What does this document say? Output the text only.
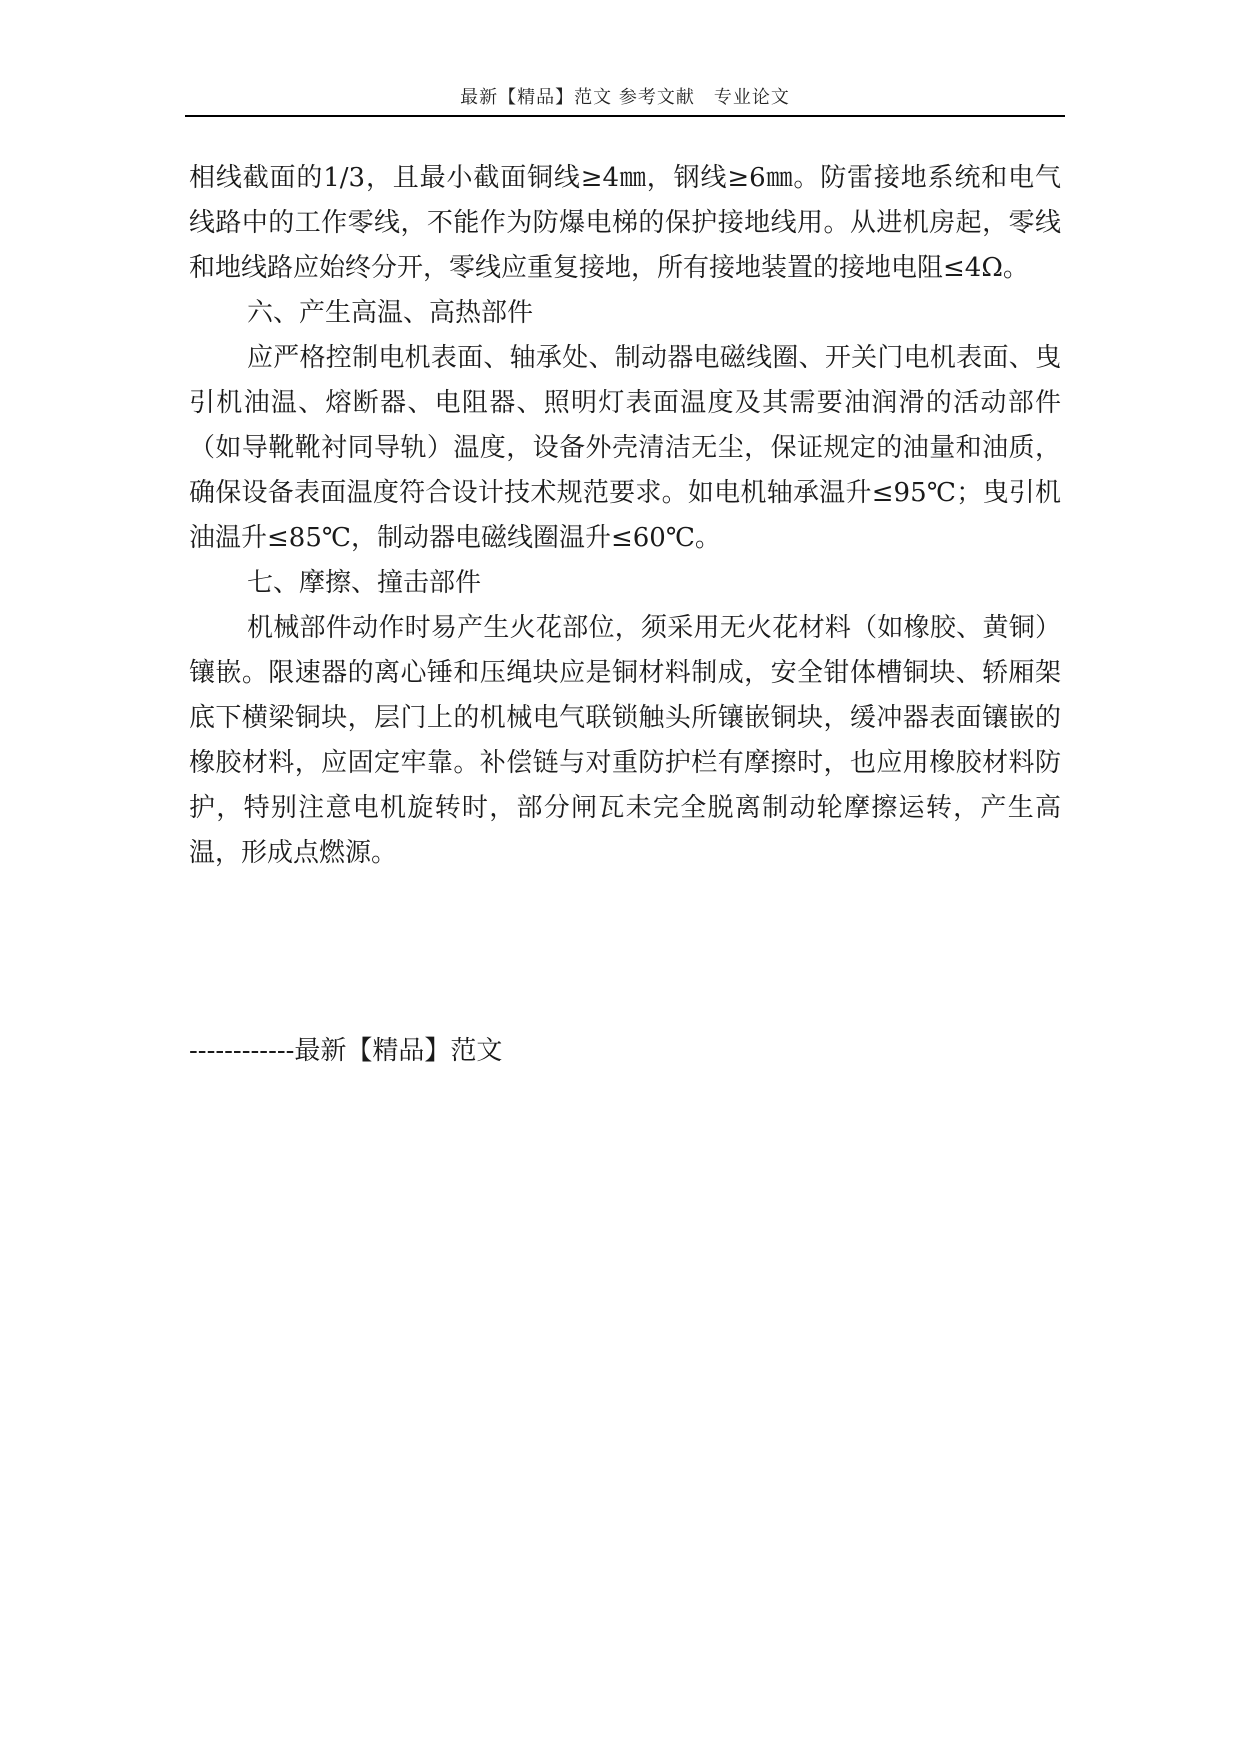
最新【精品】范文 参考文献　专业论文

相线截面的1/3，且最小截面铜线≥4㎜，钢线≥6㎜。防雷接地系统和电气线路中的工作零线，不能作为防爆电梯的保护接地线用。从进机房起，零线和地线路应始终分开，零线应重复接地，所有接地装置的接地电阻≤4Ω。

六、产生高温、高热部件

应严格控制电机表面、轴承处、制动器电磁线圈、开关门电机表面、曳引机油温、熔断器、电阻器、照明灯表面温度及其需要油润滑的活动部件（如导靴靴衬同导轨）温度，设备外壳清洁无尘，保证规定的油量和油质，确保设备表面温度符合设计技术规范要求。如电机轴承温升≤95℃；曳引机油温升≤85℃，制动器电磁线圈温升≤60℃。

七、摩擦、撞击部件

机械部件动作时易产生火花部位，须采用无火花材料（如橡胶、黄铜）镶嵌。限速器的离心锤和压绳块应是铜材料制成，安全钳体槽铜块、轿厢架底下横梁铜块，层门上的机械电气联锁触头所镶嵌铜块，缓冲器表面镶嵌的橡胶材料，应固定牢靠。补偿链与对重防护栏有摩擦时，也应用橡胶材料防护，特别注意电机旋转时，部分闸瓦未完全脱离制动轮摩擦运转，产生高温，形成点燃源。

------------最新【精品】范文
